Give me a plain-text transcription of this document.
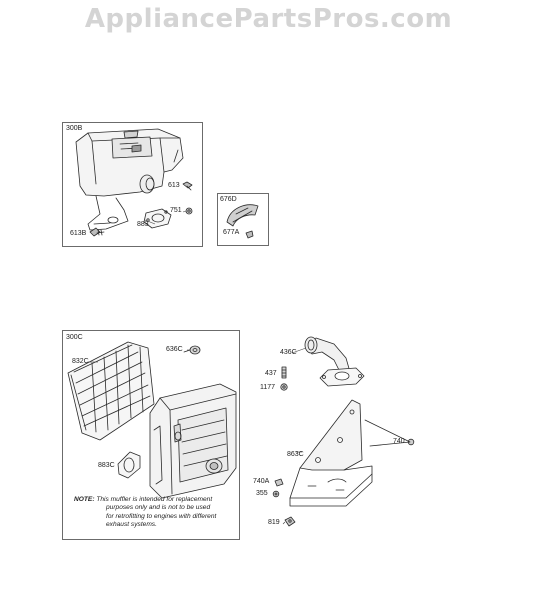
AppliancePartsPros.com
300B
676D
300C
613
751
883
613B	677A
832C
636C
883C
436C
437
1177
740
863C
740A
355
819
NOTE: This muffler is intended for replacement
purposes only and is not to be used
for retrofitting to engines with different
exhaust systems.
